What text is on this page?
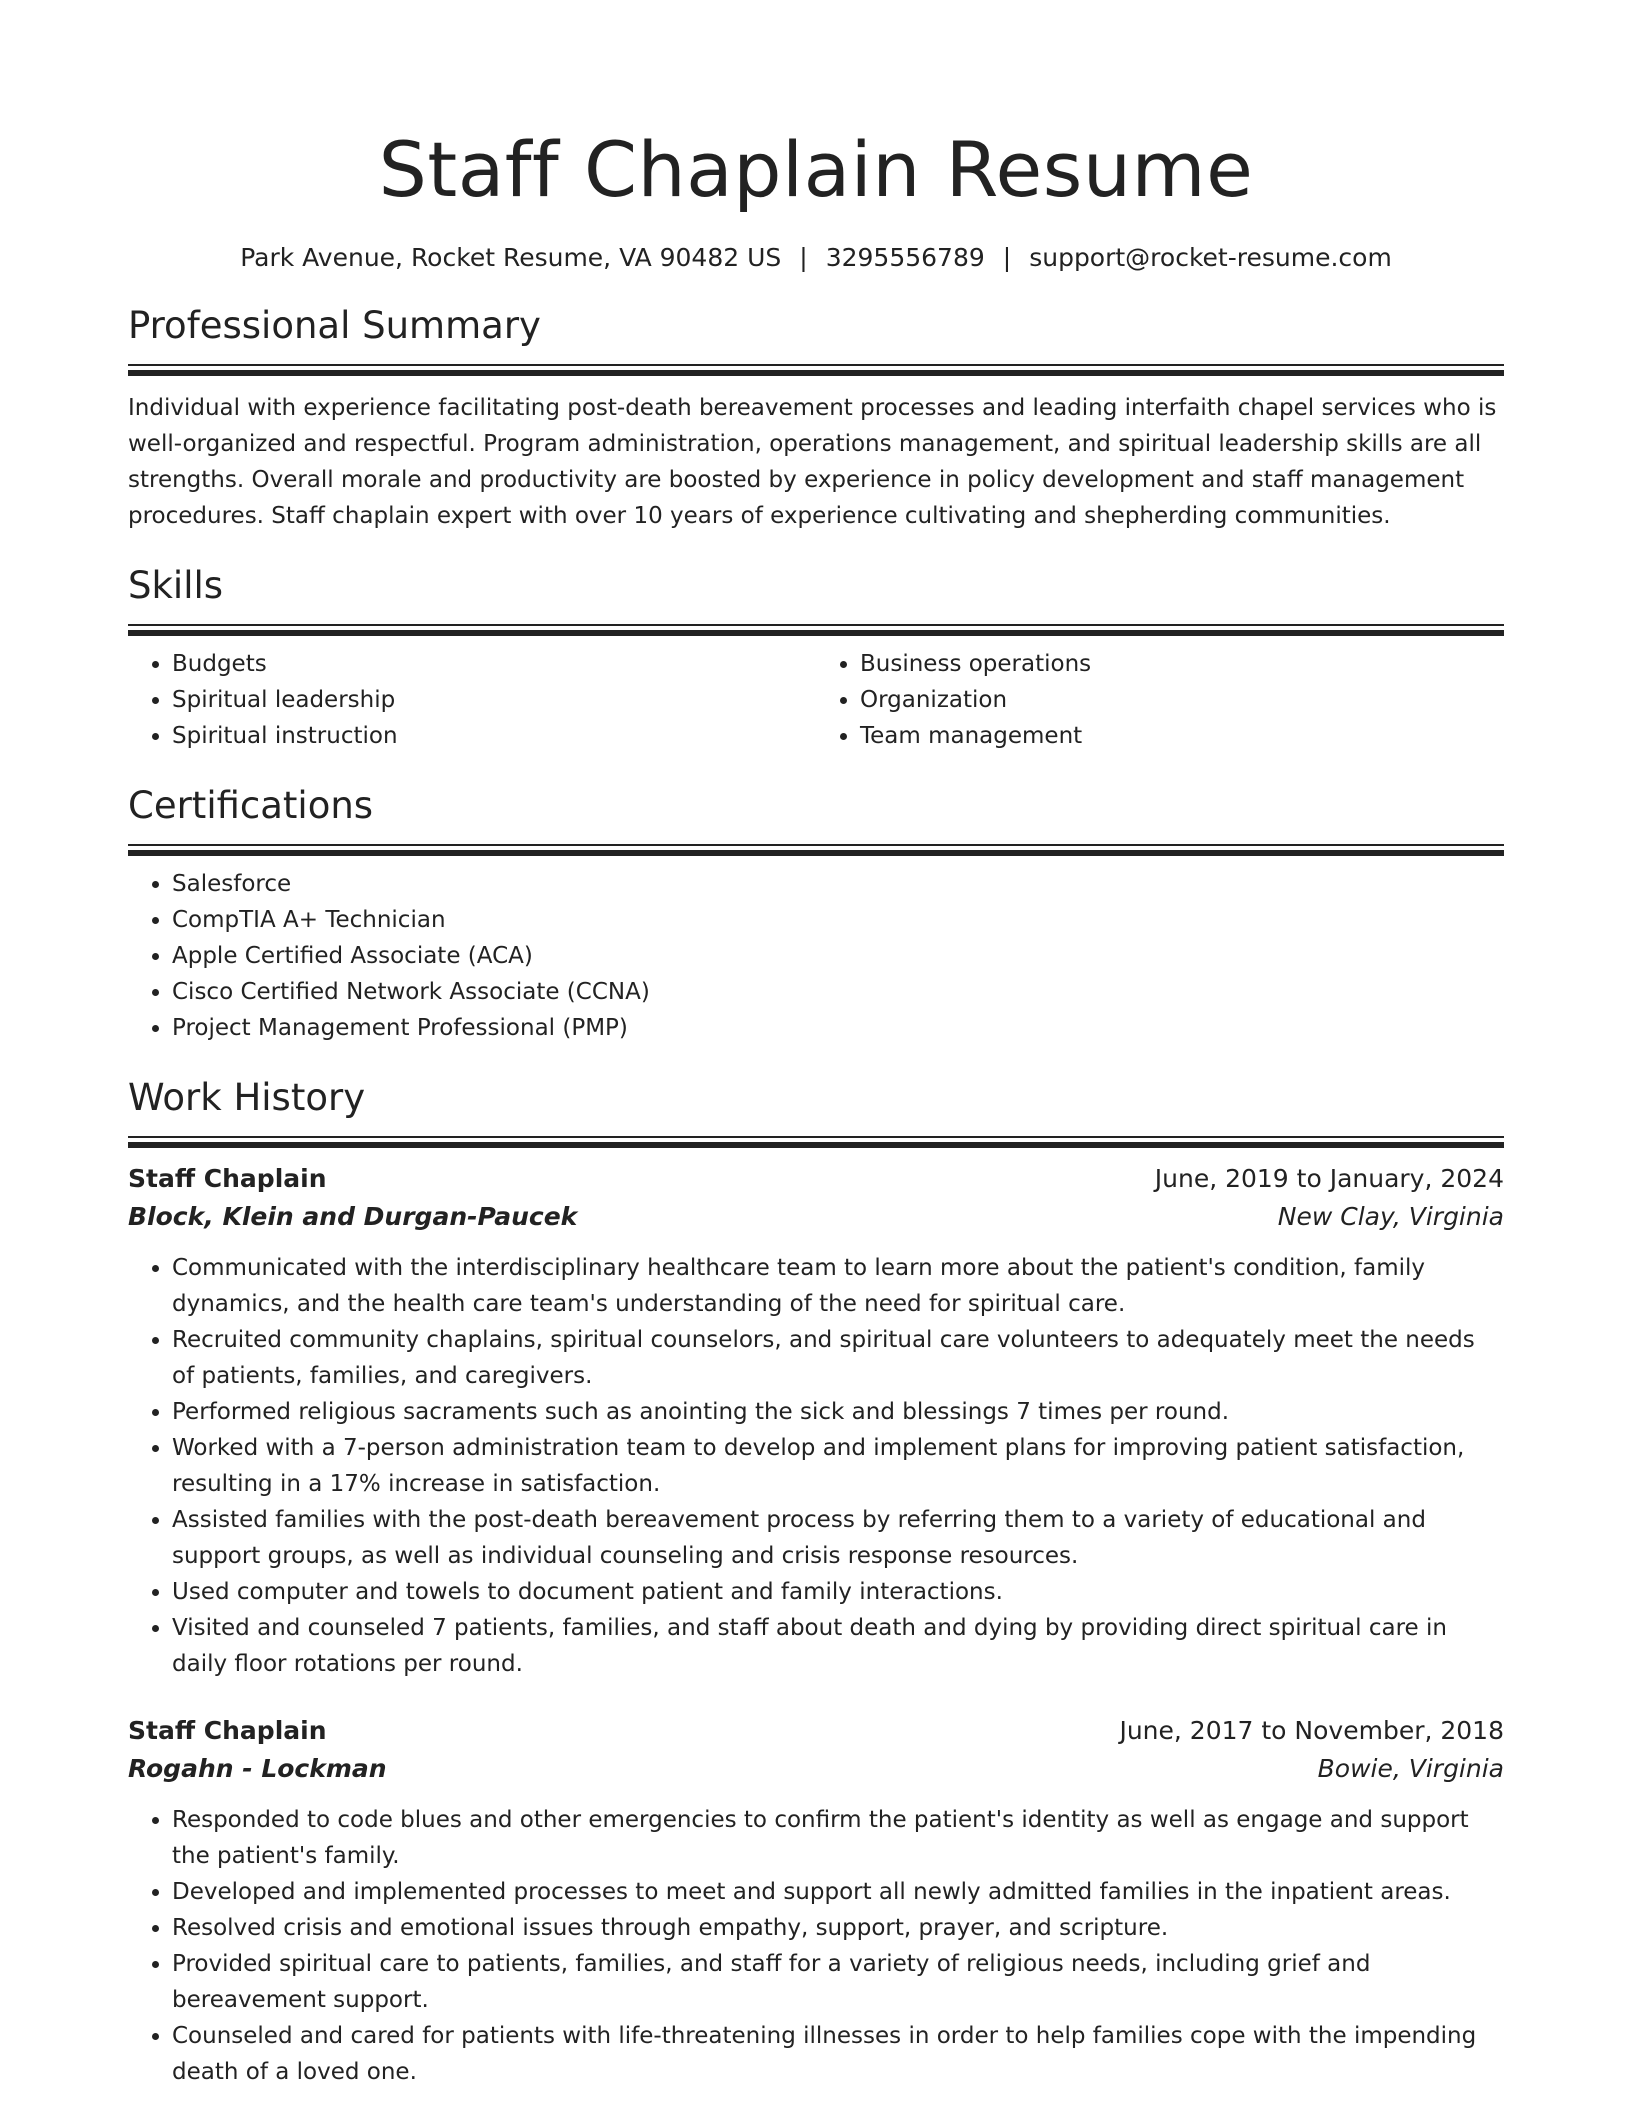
Staff Chaplain Resume
Park Avenue, Rocket Resume, VA 90482 US | 3295556789 | support@rocket-resume.com
Professional Summary

Individual with experience facilitating post-death bereavement processes and leading interfaith chapel services who is well-organized and respectful. Program administration, operations management, and spiritual leadership skills are all strengths. Overall morale and productivity are boosted by experience in policy development and staff management procedures. Staff chaplain expert with over 10 years of experience cultivating and shepherding communities.

Skills
• Budgets
• Spiritual leadership
• Spiritual instruction
• Business operations
• Organization
• Team management
Certifications
• Salesforce
• CompTIA A+ Technician
• Apple Certified Associate (ACA)
• Cisco Certified Network Associate (CCNA)
• Project Management Professional (PMP)
Work History
Staff Chaplain	June, 2019 to January, 2024
Block, Klein and Durgan-Paucek	New Clay, Virginia
• Communicated with the interdisciplinary healthcare team to learn more about the patient's condition, family dynamics, and the health care team's understanding of the need for spiritual care.
• Recruited community chaplains, spiritual counselors, and spiritual care volunteers to adequately meet the needs of patients, families, and caregivers.
• Performed religious sacraments such as anointing the sick and blessings 7 times per round.
• Worked with a 7-person administration team to develop and implement plans for improving patient satisfaction, resulting in a 17% increase in satisfaction.
• Assisted families with the post-death bereavement process by referring them to a variety of educational and support groups, as well as individual counseling and crisis response resources.
• Used computer and towels to document patient and family interactions.
• Visited and counseled 7 patients, families, and staff about death and dying by providing direct spiritual care in daily floor rotations per round.
Staff Chaplain	June, 2017 to November, 2018
Rogahn - Lockman	Bowie, Virginia
• Responded to code blues and other emergencies to confirm the patient's identity as well as engage and support the patient's family.
• Developed and implemented processes to meet and support all newly admitted families in the inpatient areas.
• Resolved crisis and emotional issues through empathy, support, prayer, and scripture.
• Provided spiritual care to patients, families, and staff for a variety of religious needs, including grief and bereavement support.
• Counseled and cared for patients with life-threatening illnesses in order to help families cope with the impending death of a loved one.
